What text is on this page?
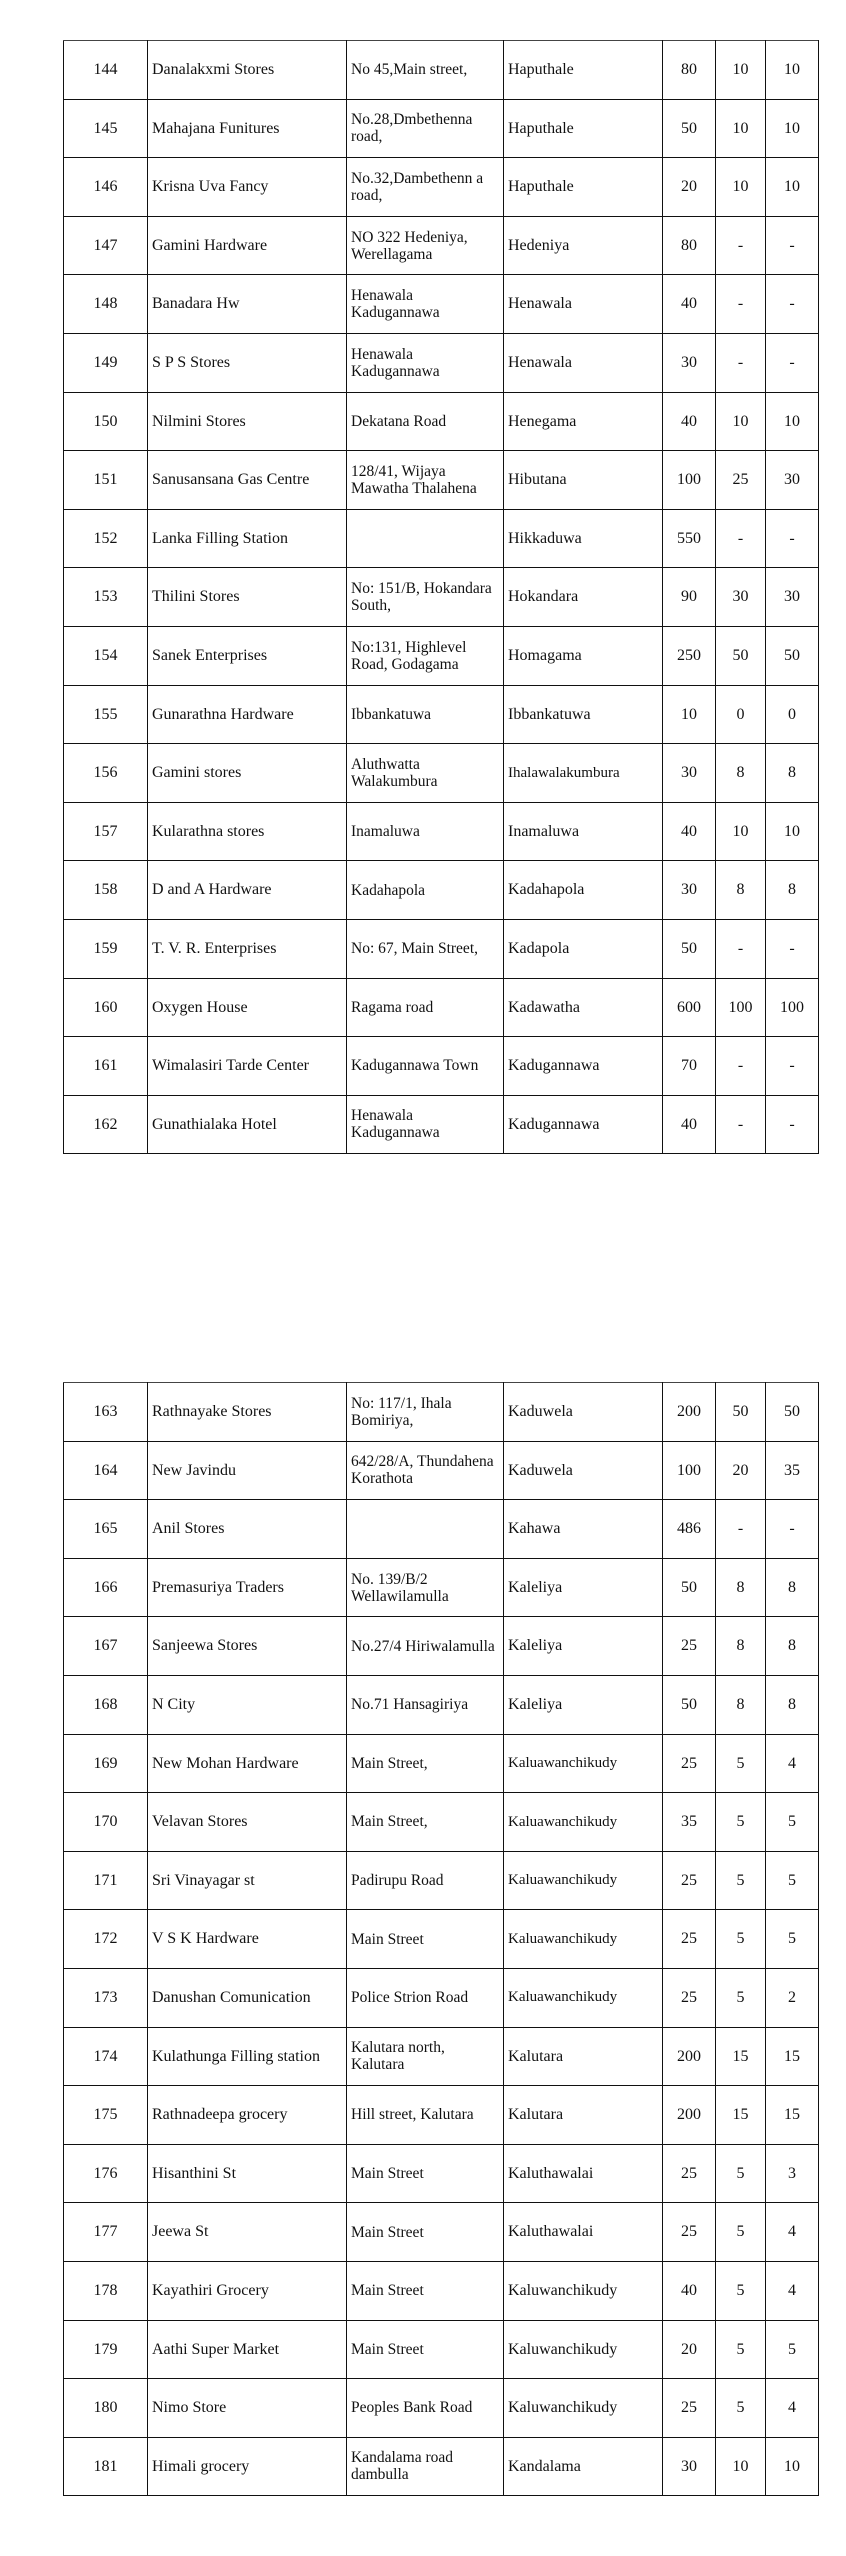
144	Danalakxmi Stores	No 45,Main street,	Haputhale	80	10	10
145	Mahajana Funitures	No.28,Dmbethenna road,	Haputhale	50	10	10
146	Krisna Uva Fancy	No.32,Dambethenn a road,	Haputhale	20	10	10
147	Gamini Hardware	NO 322 Hedeniya, Werellagama	Hedeniya	80	-	-
148	Banadara Hw	Henawala Kadugannawa	Henawala	40	-	-
149	S P S Stores	Henawala Kadugannawa	Henawala	30	-	-
150	Nilmini Stores	Dekatana Road	Henegama	40	10	10
151	Sanusansana Gas Centre	128/41, Wijaya Mawatha Thalahena	Hibutana	100	25	30
152	Lanka Filling Station		Hikkaduwa	550	-	-
153	Thilini Stores	No: 151/B, Hokandara South,	Hokandara	90	30	30
154	Sanek Enterprises	No:131, Highlevel Road, Godagama	Homagama	250	50	50
155	Gunarathna Hardware	Ibbankatuwa	Ibbankatuwa	10	0	0
156	Gamini stores	Aluthwatta Walakumbura	Ihalawalakumbura	30	8	8
157	Kularathna stores	Inamaluwa	Inamaluwa	40	10	10
158	D and A Hardware	Kadahapola	Kadahapola	30	8	8
159	T. V. R. Enterprises	No: 67, Main Street,	Kadapola	50	-	-
160	Oxygen House	Ragama road	Kadawatha	600	100	100
161	Wimalasiri Tarde Center	Kadugannawa Town	Kadugannawa	70	-	-
162	Gunathialaka Hotel	Henawala Kadugannawa	Kadugannawa	40	-	-
163	Rathnayake Stores	No: 117/1, Ihala Bomiriya,	Kaduwela	200	50	50
164	New Javindu	642/28/A, Thundahena Korathota	Kaduwela	100	20	35
165	Anil Stores		Kahawa	486	-	-
166	Premasuriya Traders	No. 139/B/2 Wellawilamulla	Kaleliya	50	8	8
167	Sanjeewa Stores	No.27/4 Hiriwalamulla	Kaleliya	25	8	8
168	N City	No.71 Hansagiriya	Kaleliya	50	8	8
169	New Mohan Hardware	Main Street,	Kaluawanchikudy	25	5	4
170	Velavan Stores	Main Street,	Kaluawanchikudy	35	5	5
171	Sri Vinayagar st	Padirupu Road	Kaluawanchikudy	25	5	5
172	V S K Hardware	Main Street	Kaluawanchikudy	25	5	5
173	Danushan Comunication	Police Strion Road	Kaluawanchikudy	25	5	2
174	Kulathunga Filling station	Kalutara north, Kalutara	Kalutara	200	15	15
175	Rathnadeepa grocery	Hill street, Kalutara	Kalutara	200	15	15
176	Hisanthini St	Main Street	Kaluthawalai	25	5	3
177	Jeewa St	Main Street	Kaluthawalai	25	5	4
178	Kayathiri Grocery	Main Street	Kaluwanchikudy	40	5	4
179	Aathi Super Market	Main Street	Kaluwanchikudy	20	5	5
180	Nimo Store	Peoples Bank Road	Kaluwanchikudy	25	5	4
181	Himali grocery	Kandalama road dambulla	Kandalama	30	10	10
